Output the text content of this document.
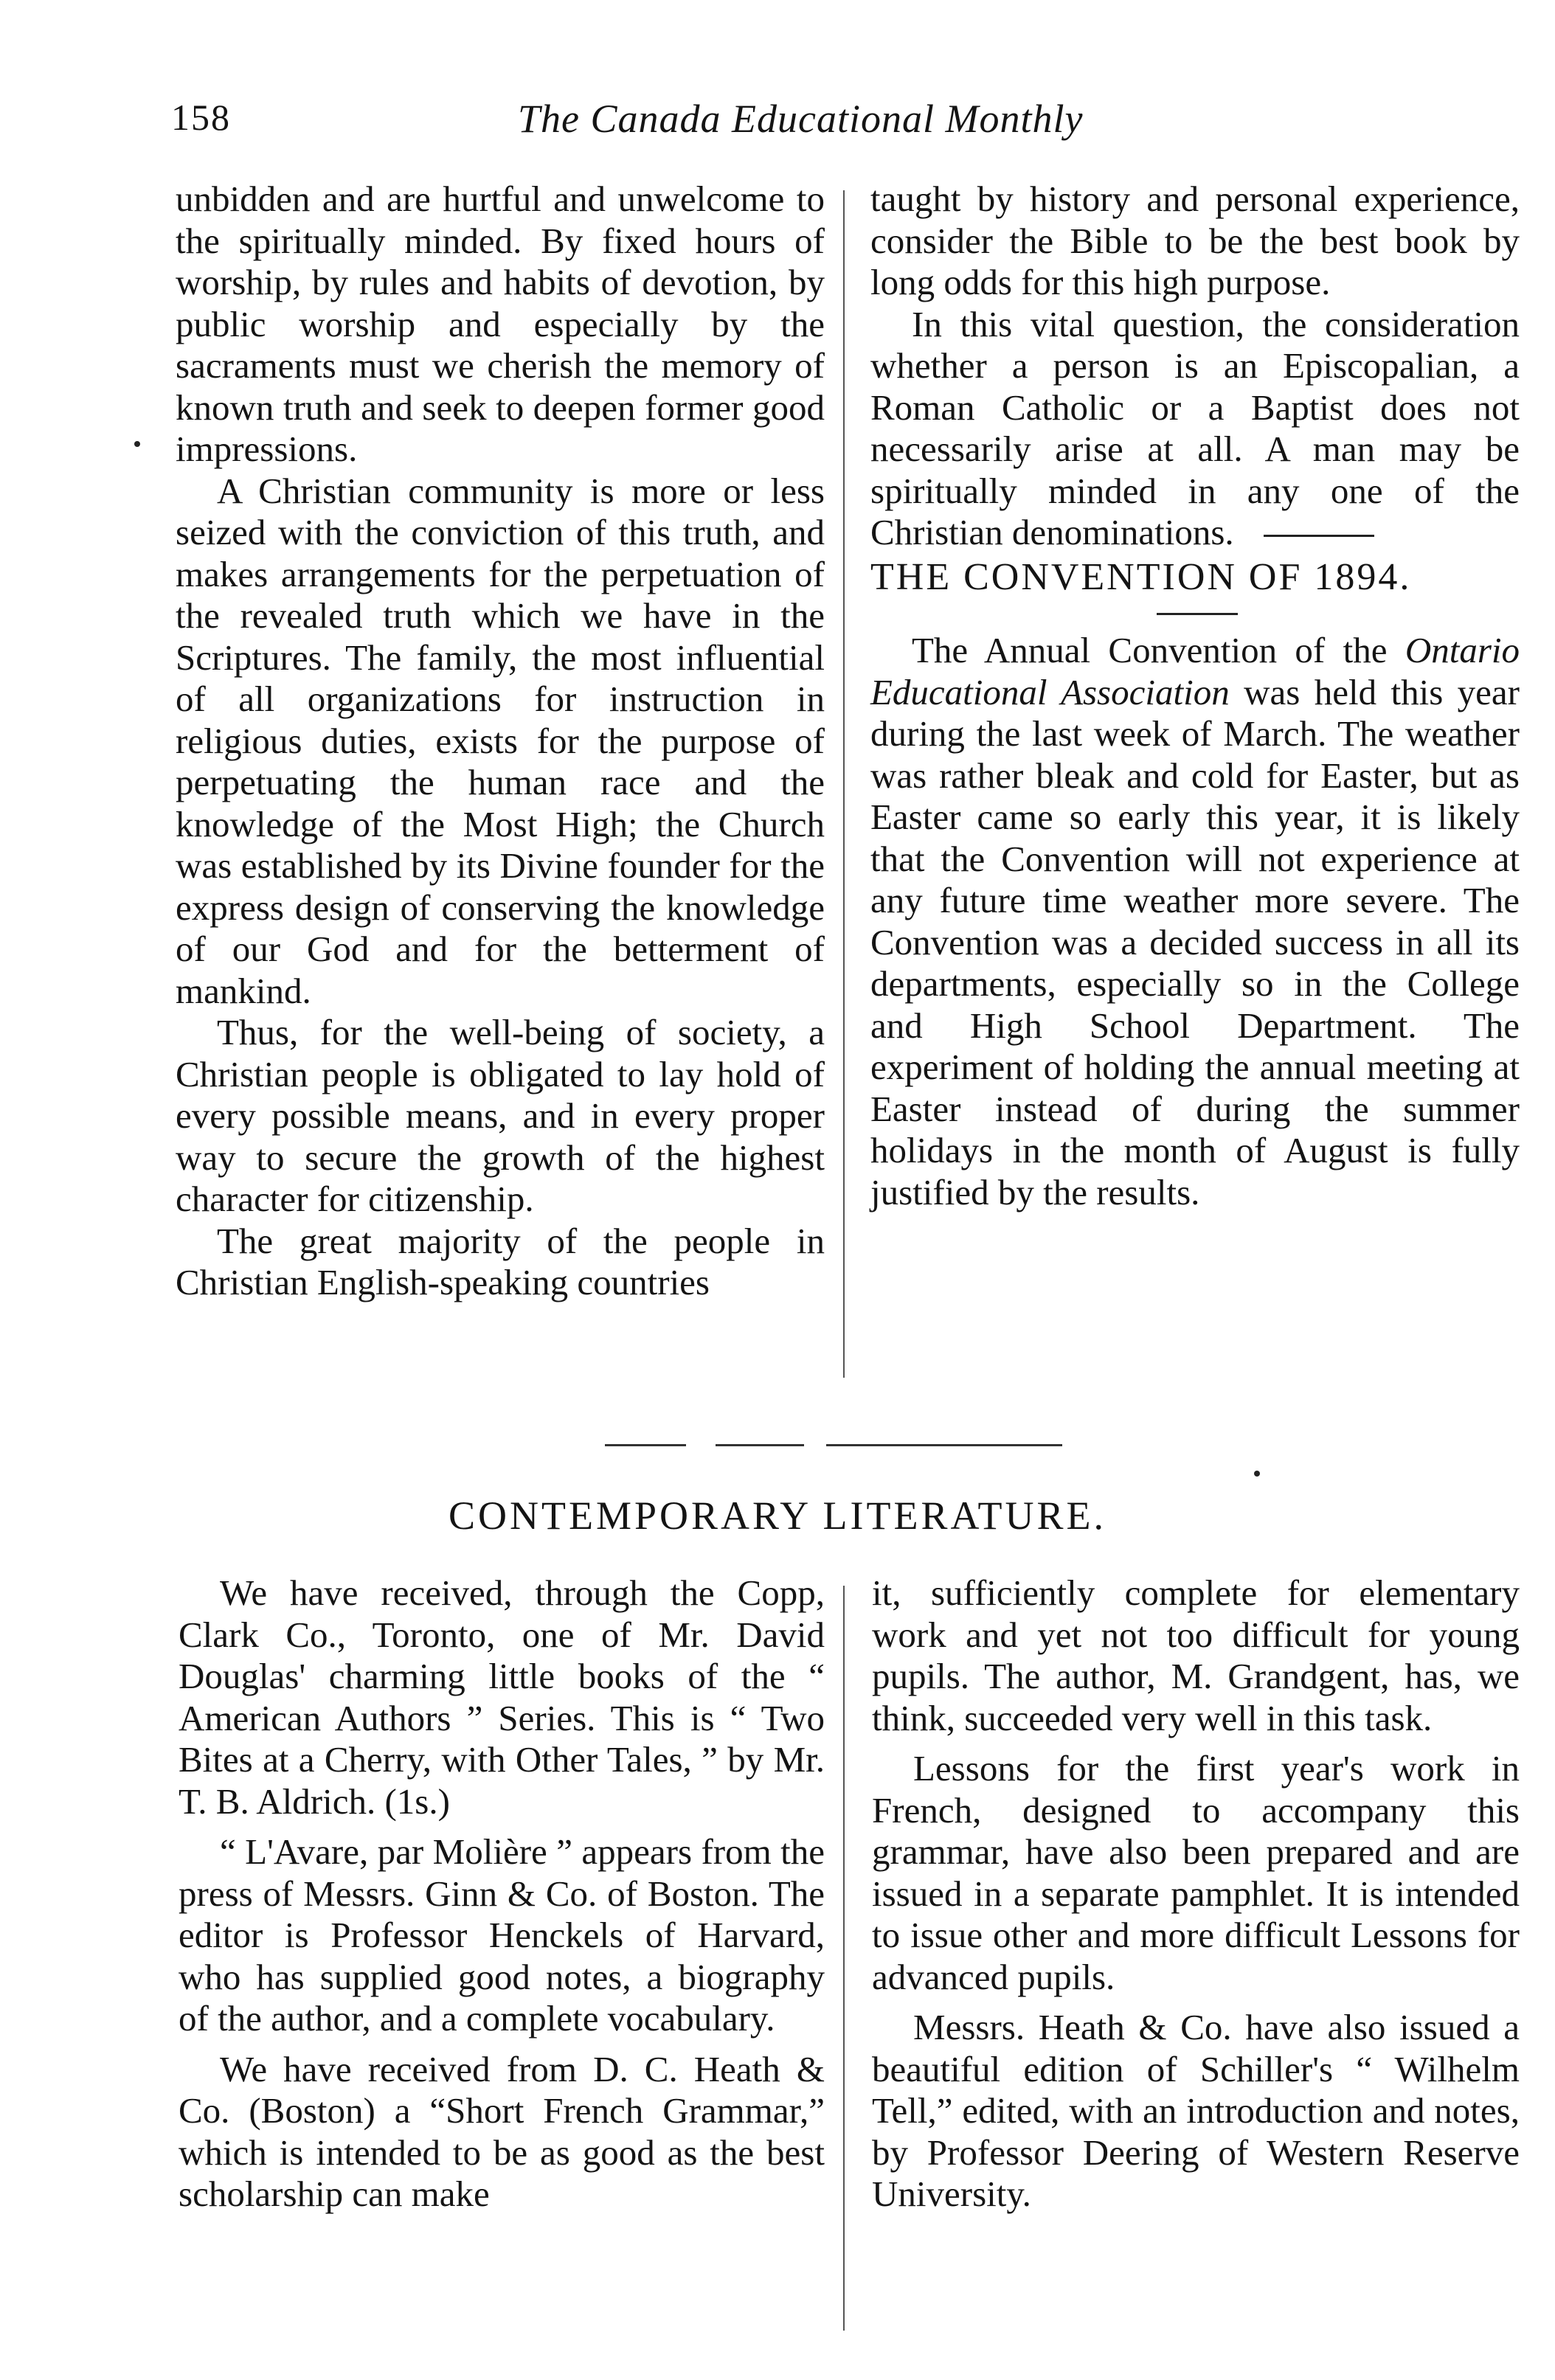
158	The Canada Educational Monthly

unbidden and are hurtful and unwelcome to the spiritually minded. By fixed hours of worship, by rules and habits of devotion, by public worship and especially by the sacraments must we cherish the memory of known truth and seek to deepen former good impressions.

A Christian community is more or less seized with the conviction of this truth, and makes arrangements for the perpetuation of the revealed truth which we have in the Scriptures. The family, the most influential of all organizations for instruction in religious duties, exists for the purpose of perpetuating the human race and the knowledge of the Most High; the Church was established by its Divine founder for the express design of conserving the knowledge of our God and for the betterment of mankind.

Thus, for the well-being of society, a Christian people is obligated to lay hold of every possible means, and in every proper way to secure the growth of the highest character for citizenship.

The great majority of the people in Christian English-speaking countries

taught by history and personal experience, consider the Bible to be the best book by long odds for this high purpose.

In this vital question, the consideration whether a person is an Episcopalian, a Roman Catholic or a Baptist does not necessarily arise at all. A man may be spiritually minded in any one of the Christian denominations.

THE CONVENTION OF 1894.

The Annual Convention of the Ontario Educational Association was held this year during the last week of March. The weather was rather bleak and cold for Easter, but as Easter came so early this year, it is likely that the Convention will not experience at any future time weather more severe. The Convention was a decided success in all its departments, especially so in the College and High School Department. The experiment of holding the annual meeting at Easter instead of during the summer holidays in the month of August is fully justified by the results.

CONTEMPORARY LITERATURE.

We have received, through the Copp, Clark Co., Toronto, one of Mr. David Douglas' charming little books of the “ American Authors ” Series. This is “ Two Bites at a Cherry, with Other Tales, ” by Mr. T. B. Aldrich. (1s.)

“ L'Avare, par Molière ” appears from the press of Messrs. Ginn & Co. of Boston. The editor is Professor Henckels of Harvard, who has supplied good notes, a biography of the author, and a complete vocabulary.

We have received from D. C. Heath & Co. (Boston) a “Short French Grammar,” which is intended to be as good as the best scholarship can make

it, sufficiently complete for elementary work and yet not too difficult for young pupils. The author, M. Grandgent, has, we think, succeeded very well in this task.

Lessons for the first year's work in French, designed to accompany this grammar, have also been prepared and are issued in a separate pamphlet. It is intended to issue other and more difficult Lessons for advanced pupils.

Messrs. Heath & Co. have also issued a beautiful edition of Schiller's “ Wilhelm Tell,” edited, with an introduction and notes, by Professor Deering of Western Reserve University.
